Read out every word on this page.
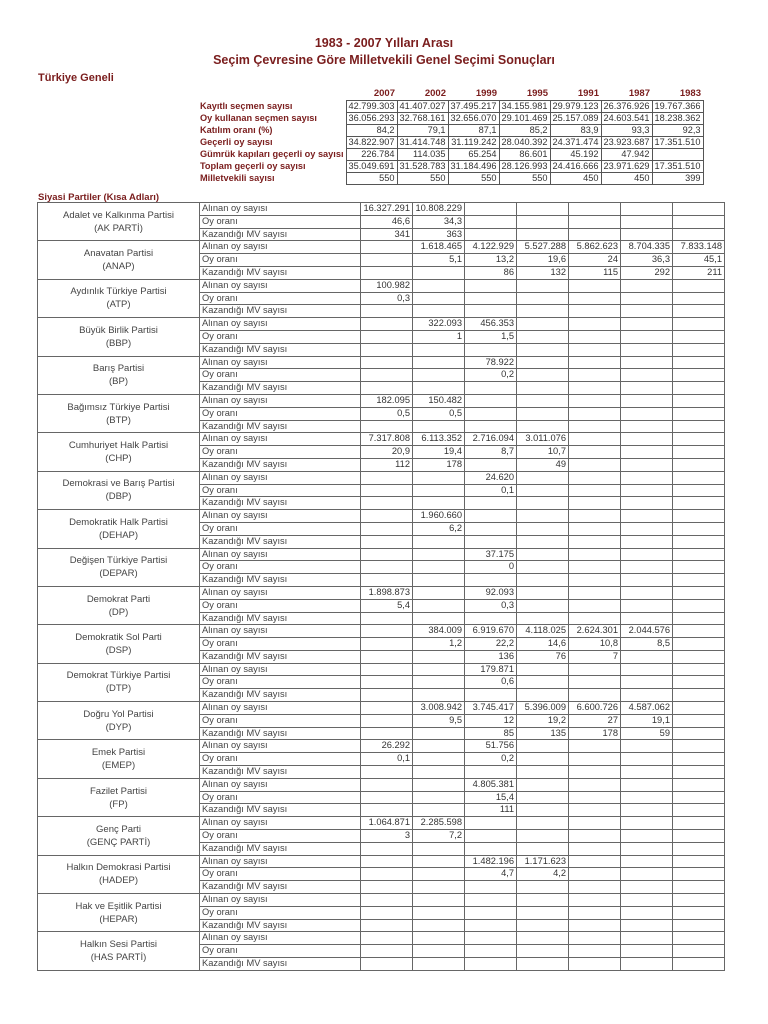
1983 - 2007 Yılları Arası
Seçim Çevresine Göre Milletvekili Genel Seçimi Sonuçları
Türkiye Geneli
	2007	2002	1999	1995	1991	1987	1983
Kayıtlı seçmen sayısı	42.799.303	41.407.027	37.495.217	34.155.981	29.979.123	26.376.926	19.767.366
Oy kullanan seçmen sayısı	36.056.293	32.768.161	32.656.070	29.101.469	25.157.089	24.603.541	18.238.362
Katılım oranı (%)	84,2	79,1	87,1	85,2	83,9	93,3	92,3
Geçerli oy sayısı	34.822.907	31.414.748	31.119.242	28.040.392	24.371.474	23.923.687	17.351.510
Gümrük kapıları geçerli oy sayısı	226.784	114.035	65.254	86.601	45.192	47.942	
Toplam geçerli oy sayısı	35.049.691	31.528.783	31.184.496	28.126.993	24.416.666	23.971.629	17.351.510
Milletvekili sayısı	550	550	550	550	450	450	399
Siyasi Partiler (Kısa Adları)
Adalet ve Kalkınma Partisi
(AK PARTİ)	Alınan oy sayısı	16.327.291	10.808.229					
	Oy oranı	46,6	34,3					
	Kazandığı MV sayısı	341	363					

Anavatan Partisi
(ANAP)	Alınan oy sayısı		1.618.465	4.122.929	5.527.288	5.862.623	8.704.335	7.833.148
	Oy oranı		5,1	13,2	19,6	24	36,3	45,1
	Kazandığı MV sayısı			86	132	115	292	211

Aydınlık Türkiye Partisi
(ATP)	Alınan oy sayısı	100.982						
	Oy oranı	0,3						
	Kazandığı MV sayısı							

Büyük Birlik Partisi
(BBP)	Alınan oy sayısı		322.093	456.353				
	Oy oranı		1	1,5				
	Kazandığı MV sayısı							

Barış Partisi
(BP)	Alınan oy sayısı			78.922				
	Oy oranı			0,2				
	Kazandığı MV sayısı							

Bağımsız Türkiye Partisi
(BTP)	Alınan oy sayısı	182.095	150.482					
	Oy oranı	0,5	0,5					
	Kazandığı MV sayısı							

Cumhuriyet Halk Partisi
(CHP)	Alınan oy sayısı	7.317.808	6.113.352	2.716.094	3.011.076			
	Oy oranı	20,9	19,4	8,7	10,7			
	Kazandığı MV sayısı	112	178		49			

Demokrasi ve Barış Partisi
(DBP)	Alınan oy sayısı			24.620				
	Oy oranı			0,1				
	Kazandığı MV sayısı							

Demokratik Halk Partisi
(DEHAP)	Alınan oy sayısı		1.960.660					
	Oy oranı		6,2					
	Kazandığı MV sayısı							

Değişen Türkiye Partisi
(DEPAR)	Alınan oy sayısı			37.175				
	Oy oranı			0				
	Kazandığı MV sayısı							

Demokrat Parti
(DP)	Alınan oy sayısı	1.898.873		92.093				
	Oy oranı	5,4		0,3				
	Kazandığı MV sayısı							

Demokratik Sol Parti
(DSP)	Alınan oy sayısı		384.009	6.919.670	4.118.025	2.624.301	2.044.576	
	Oy oranı		1,2	22,2	14,6	10,8	8,5	
	Kazandığı MV sayısı			136	76	7		

Demokrat Türkiye Partisi
(DTP)	Alınan oy sayısı			179.871				
	Oy oranı			0,6				
	Kazandığı MV sayısı							

Doğru Yol Partisi
(DYP)	Alınan oy sayısı		3.008.942	3.745.417	5.396.009	6.600.726	4.587.062	
	Oy oranı		9,5	12	19,2	27	19,1	
	Kazandığı MV sayısı			85	135	178	59	

Emek Partisi
(EMEP)	Alınan oy sayısı	26.292		51.756				
	Oy oranı	0,1		0,2				
	Kazandığı MV sayısı							

Fazilet Partisi
(FP)	Alınan oy sayısı			4.805.381				
	Oy oranı			15,4				
	Kazandığı MV sayısı			111				

Genç Parti
(GENÇ PARTİ)	Alınan oy sayısı	1.064.871	2.285.598					
	Oy oranı	3	7,2					
	Kazandığı MV sayısı							

Halkın Demokrasi Partisi
(HADEP)	Alınan oy sayısı			1.482.196	1.171.623			
	Oy oranı			4,7	4,2			
	Kazandığı MV sayısı							

Hak ve Eşitlik Partisi
(HEPAR)	Alınan oy sayısı							
	Oy oranı							
	Kazandığı MV sayısı							

Halkın Sesi Partisi
(HAS PARTİ)	Alınan oy sayısı							
	Oy oranı							
	Kazandığı MV sayısı							
